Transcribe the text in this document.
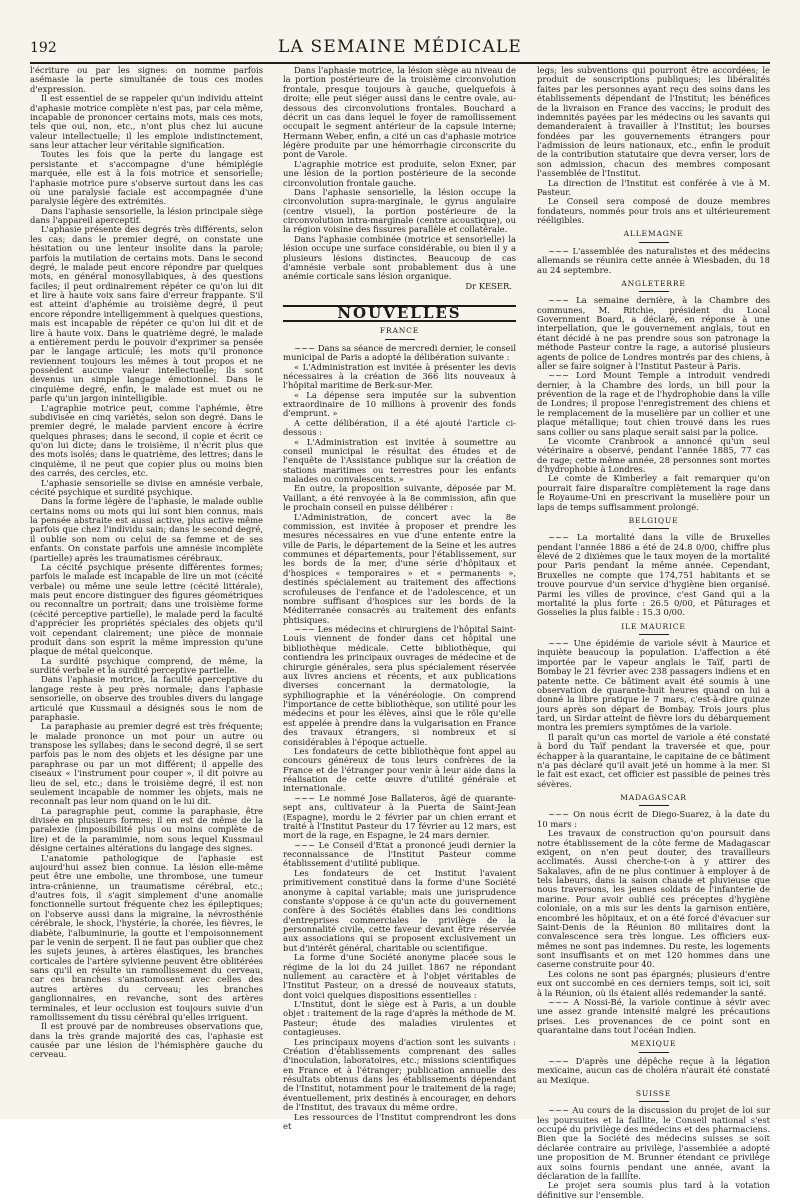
192	LA SEMAINE MÉDICALE

l'écriture ou par les signes: on nomme parfois asémasie la perte simultanée de tous ces modes d'expression.

Il est essentiel de se rappeler qu'un individu atteint d'aphasie motrice complète n'est pas, par cela même, incapable de prononcer certains mots, mais ces mots, tels que oui, non, etc., n'ont plus chez lui aucune valeur intellectuelle; il les emploie indistinctement, sans leur attacher leur véritable signification.

Toutes les fois que la perte du langage est persistante et s'accompagne d'une hémiplégie marquée, elle est à la fois motrice et sensorielle; l'aphasie motrice pure s'observe surtout dans les cas où une paralysie faciale est accompagnée d'une paralysie légère des extrémités.

Dans l'aphasie sensorielle, la lésion principale siège dans l'appareil aperceptif.

L'aphasie présente des degrés très différents, selon les cas; dans le premier degré, on constate une hésitation ou une lenteur insolite dans la parole; parfois la mutilation de certains mots. Dans le second degré, le malade peut encore répondre par quelques mots, en général monosyllabiques, à des questions faciles; il peut ordinairement répéter ce qu'on lui dit et lire à haute voix sans faire d'erreur frappante. S'il est atteint d'aphémie au troisième degré, il peut encore répondre intelligemment à quelques questions, mais est incapable de répéter ce qu'on lui dit et de lire à haute voix. Dans le quatrième degré, le malade a entièrement perdu le pouvoir d'exprimer sa pensée par le langage articulé; les mots qu'il prononce reviennent toujours les mêmes à tout propos et ne possèdent aucune valeur intellectuelle; ils sont devenus un simple langage émotionnel. Dans le cinquième degré, enfin, le malade est muet ou ne parle qu'un jargon inintelligible.

L'agraphie motrice peut, comme l'aphémie, être subdivisée en cinq variétés, selon son degré. Dans le premier degré, le malade parvient encore à écrire quelques phrases; dans le second, il copie et écrit ce qu'on lui dicte; dans le troisième, il n'écrit plus que des mots isolés; dans le quatrième, des lettres; dans le cinquième, il ne peut que copier plus ou moins bien des carrés, des cercles, etc.

L'aphasie sensorielle se divise en amnésie verbale, cécité psychique et surdité psychique.

Dans la forme légère de l'aphasie, le malade oublie certains noms ou mots qui lui sont bien connus, mais la pensée abstraite est aussi active, plus active même parfois que chez l'individu sain; dans le second degré, il oublie son nom ou celui de sa femme et de ses enfants. On constate parfois une amnésie incomplète (partielle) après les traumatismes cérébraux.

La cécité psychique présente différentes formes; parfois le malade est incapable de lire un mot (cécité verbale) ou même une seule lettre (cécité littérale), mais peut encore distinguer des figures géométriques ou reconnaître un portrait; dans une troisième forme (cécité perceptive partielle), le malade perd la faculté d'apprécier les propriétés spéciales des objets qu'il voit cependant clairement; une pièce de monnaie produit dans son esprit la même impression qu'une plaque de métal quelconque.

La surdité psychique comprend, de même, la surdité verbale et la surdité perceptive partielle.

Dans l'aphasie motrice, la faculté aperceptive du langage reste à peu près normale; dans l'aphasie sensorielle, on observe des troubles divers du langage articulé que Kussmaul a désignés sous le nom de paraphasie.

La paraphasie au premier degré est très fréquente; le malade prononce un mot pour un autre ou transpose les syllabes; dans le second degré, il se sert parfois pas le nom des objets et les désigne par une paraphrase ou par un mot différent; il appelle des ciseaux « l'instrument pour couper », il dit poivre au lieu de sel, etc.; dans le troisième degré, il est non seulement incapable de nommer les objets, mais ne reconnaît pas leur nom quand on le lui dit.

La paragraphie peut, comme la paraphasie, être divisée en plusieurs formes; il en est de même de la paralexie (impossibilité plus ou moins complète de lire) et de la paramimie, nom sous lequel Kussmaul désigne certaines altérations du langage des signes.

L'anatomie pathologique de l'aphasie est aujourd'hui assez bien connue. La lésion elle-même peut être une embolie, une thrombose, une tumeur intra-crânienne, un traumatisme cérébral, etc.; d'autres fois, il s'agit simplement d'une anomalie fonctionnelle surtout fréquente chez les épileptiques; on l'observe aussi dans la migraine, la névrosthénie cérébrale, le shock, l'hystérie, la chorée, les fièvres, le diabète, l'albuminurie, la goutte et l'empoisonnement par le venin de serpent. Il ne faut pas oublier que chez les sujets jeunes, à artères élastiques, les branches corticales de l'artère sylvienne peuvent être oblitérées sans qu'il en résulte un ramollissement du cerveau, car ces branches s'anastomosent avec celles des autres artères du cerveau; les branches ganglionnaires, en revanche, sont des artères terminales, et leur occlusion est toujours suivie d'un ramollissement du tissu cérébral qu'elles irriguent.

Il est prouvé par de nombreuses observations que, dans la très grande majorité des cas, l'aphasie est causée par une lésion de l'hémisphère gauche du cerveau.

Dans l'aphasie motrice, la lésion siège au niveau de la portion postérieure de la troisième circonvolution frontale, presque toujours à gauche, quelquefois à droite; elle peut siéger aussi dans le centre ovale, au-dessous des circonvolutions frontales. Bouchard a décrit un cas dans lequel le foyer de ramollissement occupait le segment antérieur de la capsule interne; Hermann Weber, enfin, a cité un cas d'aphasie motrice légère produite par une hémorrhagie circonscrite du pont de Varole.

L'agraphie motrice est produite, selon Exner, par une lésion de la portion postérieure de la seconde circonvolution frontale gauche.

Dans l'aphasie sensorielle, la lésion occupe la circonvolution supra-marginale, le gyrus angulaire (centre visuel), la portion postérieure de la circonvolution intra-marginale (centre acoustique), ou la région voisine des fissures parallèle et collatérale.

Dans l'aphasie combinée (motrice et sensorielle) la lésion occupe une surface considérable, ou bien il y a plusieurs lésions distinctes. Beaucoup de cas d'amnésie verbale sont probablement dus à une anémie corticale sans lésion organique.

Dr KESER.

NOUVELLES
FRANCE

~~~ Dans sa séance de mercredi dernier, le conseil municipal de Paris a adopté la délibération suivante :

« L'Administration est invitée à présenter les devis nécessaires à la création de 366 lits nouveaux à l'hôpital maritime de Berk-sur-Mer.

« La dépense sera imputée sur la subvention extraordinaire de 10 millions à provenir des fonds d'emprunt. »

A cette délibération, il a été ajouté l'article ci-dessous :

« L'Administration est invitée à soumettre au conseil municipal le résultat des études et de l'enquête de l'Assistance publique sur la création de stations maritimes ou terrestres pour les enfants malades ou convalescents. »

En outre, la proposition suivante, déposée par M. Vaillant, a été renvoyée à la 8e commission, afin que le prochain conseil en puisse délibérer :

L'Administration, de concert avec la 8e commission, est invitée à proposer et prendre les mesures nécessaires en vue d'une entente entre la ville de Paris, le département de la Seine et les autres communes et départements, pour l'établissement, sur les bords de la mer, d'une série d'hôpitaux et d'hospices « temporaires » et « permanents », destinés spécialement au traitement des affections scrofuleuses de l'enfance et de l'adolescence, et un nombre suffisant d'hospices sur les bords de la Méditerranée consacrés au traitement des enfants phtisiques.

~~~ Les médecins et chirurgiens de l'hôpital Saint-Louis viennent de fonder dans cet hôpital une bibliothèque médicale. Cette bibliothèque, qui contiendra les principaux ouvrages de médecine et de chirurgie générales, sera plus spécialement réservée aux livres anciens et récents, et aux publications diverses concernant la dermatologie, la syphiliographie et la vénéréologie. On comprend l'importance de cette bibliothèque, son utilité pour les médecins et pour les élèves, ainsi que le rôle qu'elle est appelée à prendre dans la vulgarisation en France des travaux étrangers, si nombreux et si considérables à l'époque actuelle.

Les fondateurs de cette bibliothèque font appel au concours généreux de tous leurs confrères de la France et de l'étranger pour venir à leur aide dans la réalisation de cette œuvre d'utilité générale et internationale.

~~~ Le nommé Jose Ballateros, âgé de quarante-sept ans, cultivateur à la Puerta de Saint-Jean (Espagne), mordu le 2 février par un chien errant et traité à l'Institut Pasteur du 17 février au 12 mars, est mort de la rage, en Espagne, le 24 mars dernier.

~~~ Le Conseil d'Etat a prononcé jeudi dernier la reconnaissance de l'Institut Pasteur comme établissement d'utilité publique.

Les fondateurs de cet Institut l'avaient primitivement constitué dans la forme d'une Société anonyme à capital variable; mais une jurisprudence constante s'oppose à ce qu'un acte du gouvernement confère à des Sociétés établies dans les conditions d'entreprises commerciales le privilège de la personnalité civile, cette faveur devant être réservée aux associations qui se proposent exclusivement un but d'intérêt général, charitable ou scientifique.

La forme d'une Société anonyme placée sous le régime de la loi du 24 juillet 1867 ne répondant nullement au caractère et à l'objet véritables de l'Institut Pasteur, on a dressé de nouveaux statuts, dont voici quelques dispositions essentielles :

L'Institut, dont le siège est à Paris, a un double objet : traitement de la rage d'après la méthode de M. Pasteur; étude des maladies virulentes et contagieuses.

Les principaux moyens d'action sont les suivants : Création d'établissements comprenant des salles d'inoculation, laboratoires, etc.; missions scientifiques en France et à l'étranger; publication annuelle des résultats obtenus dans les établissements dépendant de l'Institut, notamment pour le traitement de la rage; éventuellement, prix destinés à encourager, en dehors de l'Institut, des travaux du même ordre.

Les ressources de l'Institut comprendront les dons et

legs; les subventions qui pourront être accordées; le produit de souscriptions publiques; les libéralités faites par les personnes ayant reçu des soins dans les établissements dépendant de l'Institut; les bénéfices de la livraison en France des vaccins; le produit des indemnités payées par les médecins ou les savants qui demanderaient à travailler à l'Institut; les bourses fondées par les gouvernements étrangers pour l'admission de leurs nationaux, etc., enfin le produit de la contribution statutaire que devra verser, lors de son admission, chacun des membres composant l'assemblée de l'Institut.

La direction de l'Institut est conférée à vie à M. Pasteur.

Le Conseil sera composé de douze membres fondateurs, nommés pour trois ans et ultérieurement rééligibles.

ALLEMAGNE

~~~ L'assemblée des naturalistes et des médecins allemands se réunira cette année à Wiesbaden, du 18 au 24 septembre.

ANGLETERRE

~~~ La semaine dernière, à la Chambre des communes, M. Ritchie, président du Local Government Board, a déclaré, en réponse à une interpellation, que le gouvernement anglais, tout en étant décidé à ne pas prendre sous son patronage la méthode Pasteur contre la rage, a autorisé plusieurs agents de police de Londres montrés par des chiens, à aller se faire soigner à l'Institut Pasteur à Paris.

~~~ Lord Mount Temple a introduit vendredi dernier, à la Chambre des lords, un bill pour la prévention de la rage et de l'hydrophobie dans la ville de Londres; il propose l'enregistrement des chiens et le remplacement de la muselière par un collier et une plaque métallique; tout chien trouvé dans les rues sans collier ou sans plaque serait saisi par la police.

Le vicomte Cranbrook a annoncé qu'un seul vétérinaire a observé, pendant l'année 1885, 77 cas de rage; cette même année, 28 personnes sont mortes d'hydrophobie à Londres.

Le comte de Kimberley a fait remarquer qu'on pourrait faire disparaître complètement la rage dans le Royaume-Uni en prescrivant la muselière pour un laps de temps suffisamment prolongé.

BELGIQUE

~~~ La mortalité dans la ville de Bruxelles pendant l'année 1886 a été de 24.8 0/00, chiffre plus élevé de 2 dixièmes que le taux moyen de la mortalité pour Paris pendant la même année. Cependant, Bruxelles ne compte que 174,751 habitants et se trouve pourvue d'un service d'hygiène bien organisé. Parmi les villes de province, c'est Gand qui a la mortalité la plus forte : 26.5 0/00, et Pâturages et Gosselies la plus faible : 15.3 0/00.

ILE MAURICE

~~~ Une épidémie de variole sévit à Maurice et inquiète beaucoup la population. L'affection a été importée par le vapeur anglais le Taïf, parti de Bombay le 21 février avec 238 passagers indiens et en patente nette. Ce bâtiment avait été soumis à une observation de quarante-huit heures quand on lui a donné la libre pratique le 7 mars, c'est-à-dire quinze jours après son départ de Bombay. Trois jours plus tard, un Sirdar atteint de fièvre lors du débarquement montra les premiers symptômes de la variole.

Il paraît qu'un cas mortel de variole a été constaté à bord du Taïf pendant la traversée et que, pour échapper à la quarantaine, le capitaine de ce bâtiment n'a pas déclaré qu'il avait jeté un homme à la mer. Si le fait est exact, cet officier est passible de peines très sévères.

MADAGASCAR

~~~ On nous écrit de Diego-Suarez, à la date du 10 mars :

Les travaux de construction qu'on poursuit dans notre établissement de la côte ferme de Madagascar exigent, on n'en peut douter, des travailleurs acclimatés. Aussi cherche-t-on à y attirer des Sakalaves, afin de ne plus continuer à employer à de tels labeurs, dans la saison chaude et pluvieuse que nous traversons, les jeunes soldats de l'infanterie de marine. Pour avoir oublié ces préceptes d'hygiène coloniale, on a mis sur les dents la garnison entière, encombré les hôpitaux, et on a été forcé d'évacuer sur Saint-Denis de la Réunion 80 militaires dont la convalescence sera très longue. Les officiers eux-mêmes ne sont pas indemnes. Du reste, les logements sont insuffisants et on met 120 hommes dans une caserne construite pour 40.

Les colons ne sont pas épargnés; plusieurs d'entre eux ont succombé en ces derniers temps, soit ici, soit à la Réunion, où ils étaient allés redemander la santé.

~~~ A Nossi-Bé, la variole continue à sévir avec une assez grande intensité malgré les précautions prises. Les provenances de ce point sont en quarantaine dans tout l'océan Indien.

MEXIQUE

~~~ D'après une dépêche reçue à la légation mexicaine, aucun cas de choléra n'aurait été constaté au Mexique.

SUISSE

~~~ Au cours de la discussion du projet de loi sur les poursuites et la faillite, le Conseil national s'est occupé du privilège des médecins et des pharmaciens. Bien que la Société des médecins suisses se soit déclarée contraire au privilège, l'assemblée a adopté une proposition de M. Brunner étendant ce privilège aux soins fournis pendant une année, avant la déclaration de la faillite.

Le projet sera soumis plus tard à la votation définitive sur l'ensemble.
